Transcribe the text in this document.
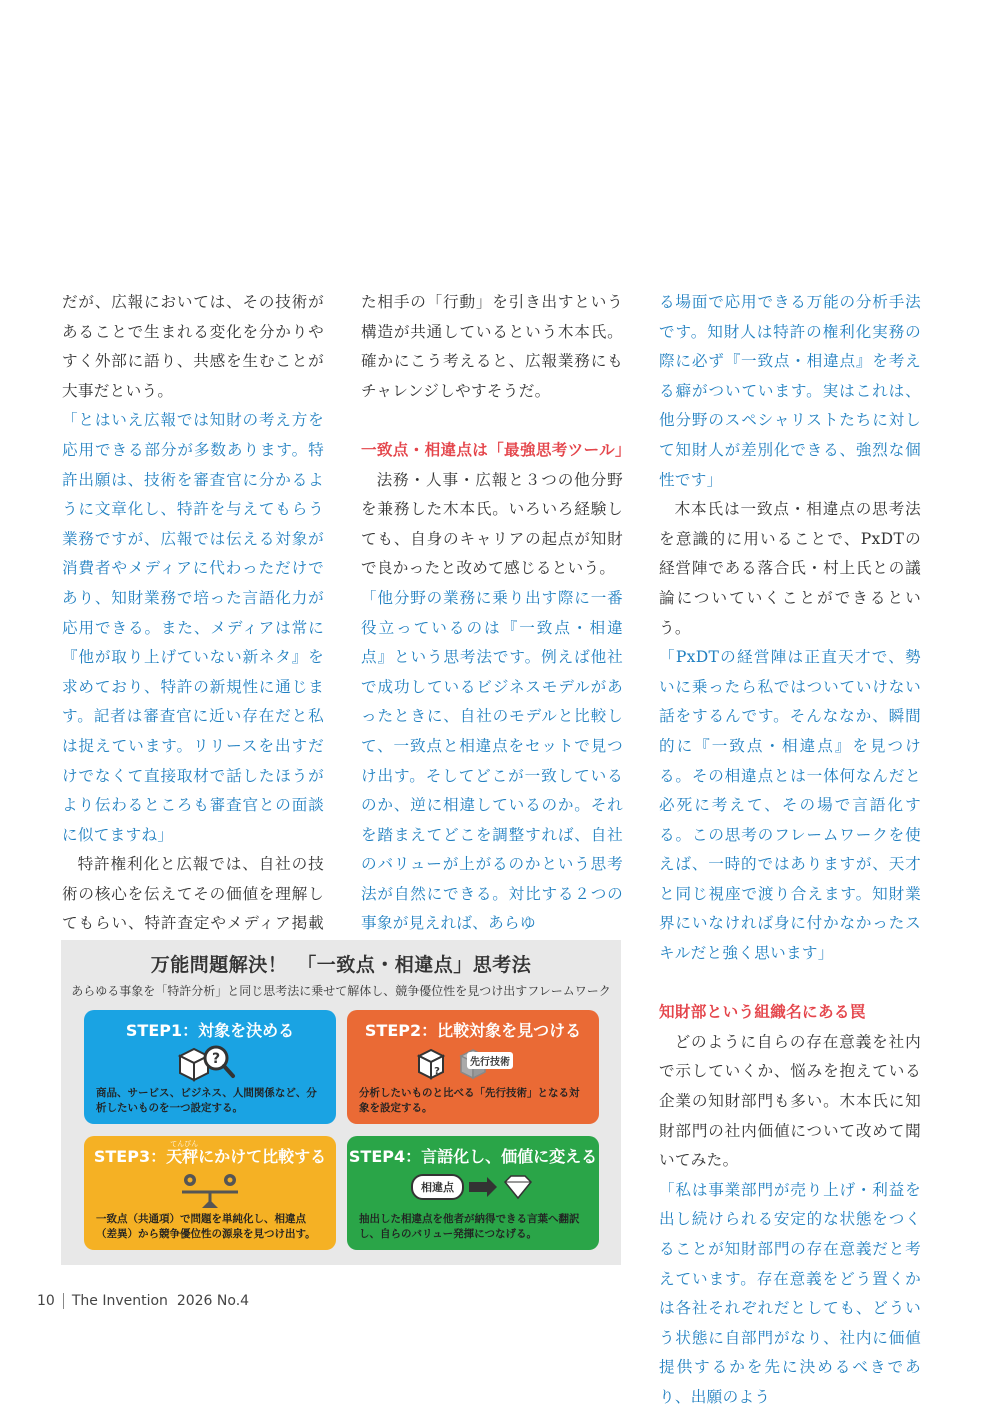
だが、広報においては、その技術があることで生まれる変化を分かりやすく外部に語り、共感を生むことが大事だという。

「とはいえ広報では知財の考え方を応用できる部分が多数あります。特許出願は、技術を審査官に分かるように文章化し、特許を与えてもらう業務ですが、広報では伝える対象が消費者やメディアに代わっただけであり、知財業務で培った言語化力が応用できる。また、メディアは常に『他が取り上げていない新ネタ』を求めており、特許の新規性に通じます。記者は審査官に近い存在だと私は捉えています。リリースを出すだけでなくて直接取材で話したほうがより伝わるところも審査官との面談に似てますね」

特許権利化と広報では、自社の技術の核心を伝えてその価値を理解してもらい、特許査定やメディア掲載

た相手の「行動」を引き出すという構造が共通しているという木本氏。確かにこう考えると、広報業務にもチャレンジしやすそうだ。

一致点・相違点は「最強思考ツール」

法務・人事・広報と３つの他分野を兼務した木本氏。いろいろ経験しても、自身のキャリアの起点が知財で良かったと改めて感じるという。

「他分野の業務に乗り出す際に一番役立っているのは『一致点・相違点』という思考法です。例えば他社で成功しているビジネスモデルがあったときに、自社のモデルと比較して、一致点と相違点をセットで見つけ出す。そしてどこが一致しているのか、逆に相違しているのか。それを踏まえてどこを調整すれば、自社のバリューが上がるのかという思考法が自然にできる。対比する２つの事象が見えれば、あらゆ

る場面で応用できる万能の分析手法です。知財人は特許の権利化実務の際に必ず『一致点・相違点』を考える癖がついています。実はこれは、他分野のスペシャリストたちに対して知財人が差別化できる、強烈な個性です」

木本氏は一致点・相違点の思考法を意識的に用いることで、PxDTの経営陣である落合氏・村上氏との議論についていくことができるという。

「PxDTの経営陣は正直天才で、勢いに乗ったら私ではついていけない話をするんです。そんななか、瞬間的に『一致点・相違点』を見つける。その相違点とは一体何なんだと必死に考えて、その場で言語化する。この思考のフレームワークを使えば、一時的ではありますが、天才と同じ視座で渡り合えます。知財業界にいなければ身に付かなかったスキルだと強く思います」

知財部という組織名にある罠

どのように自らの存在意義を社内で示していくか、悩みを抱えている企業の知財部門も多い。木本氏に知財部門の社内価値について改めて聞いてみた。

「私は事業部門が売り上げ・利益を出し続けられる安定的な状態をつくることが知財部門の存在意義だと考えています。存在意義をどう置くかは各社それぞれだとしても、どういう状態に自部門がなり、社内に価値提供するかを先に決めるべきであり、出願のよう

万能問題解決！　「一致点・相違点」思考法
あらゆる事象を「特許分析」と同じ思考法に乗せて解体し、競争優位性を見つけ出すフレームワーク
STEP1：対象を決める
?
商品、サービス、ビジネス、人間関係など、分析したいものを一つ設定する。
STEP2：比較対象を見つける
?
先行技術
分析したいものと比べる「先行技術」となる対象を設定する。
STEP3：
てんびん
天秤にかけて比較する
一致点（共通項）で問題を単純化し、相違点（差異）から競争優位性の源泉を見つけ出す。
STEP4：言語化し、価値に変える
相違点
抽出した相違点を他者が納得できる言葉へ翻訳し、自らのバリュー発揮につなげる。
10 The Invention 2026 No.4
